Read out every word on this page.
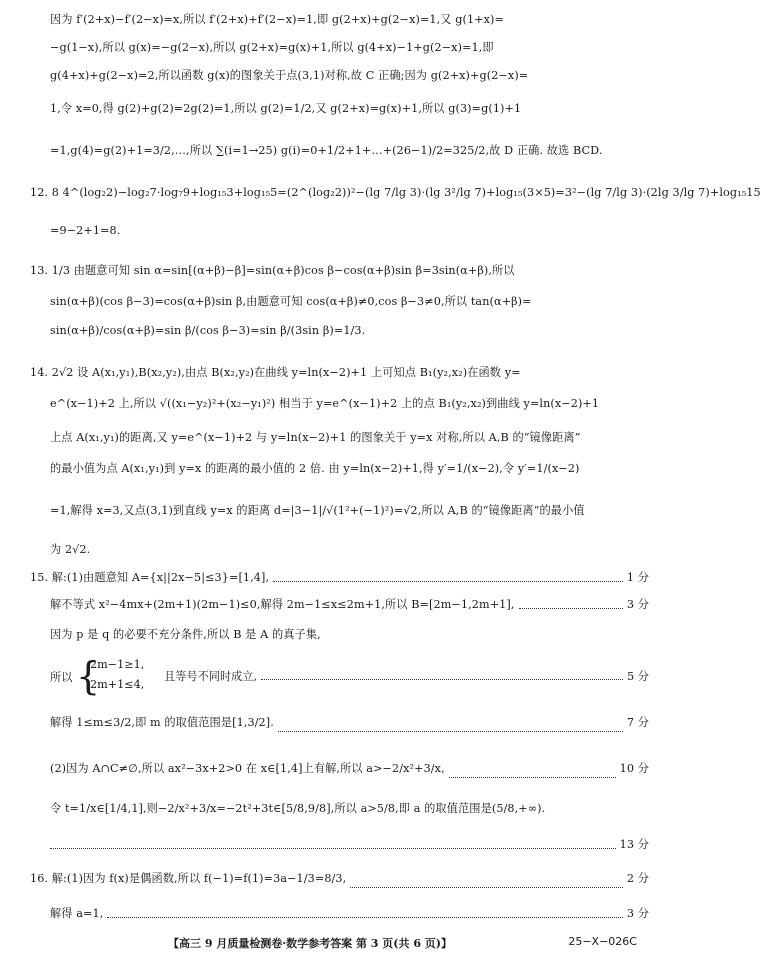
因为 f′(2+x)−f′(2−x)=x,所以 f′(2+x)+f′(2−x)=1,即 g(2+x)+g(2−x)=1,又 g(1+x)=
−g(1−x),所以 g(x)=−g(2−x),所以 g(2+x)=g(x)+1,所以 g(4+x)−1+g(2−x)=1,即
g(4+x)+g(2−x)=2,所以函数 g(x)的图象关于点(3,1)对称,故 C 正确;因为 g(2+x)+g(2−x)=
1,令 x=0,得 g(2)+g(2)=2g(2)=1,所以 g(2)=1/2,又 g(2+x)=g(x)+1,所以 g(3)=g(1)+1
=1,g(4)=g(2)+1=3/2,…,所以 ∑(i=1→25) g(i)=0+1/2+1+…+(26−1)/2=325/2,故 D 正确. 故选 BCD.
12. 8 4^(log₂2)−log₂7·log₇9+log₁₅3+log₁₅5=(2^(log₂2))²−(lg 7/lg 3)·(lg 3²/lg 7)+log₁₅(3×5)=3²−(lg 7/lg 3)·(2lg 3/lg 7)+log₁₅15
=9−2+1=8.
13. 1/3 由题意可知 sin α=sin[(α+β)−β]=sin(α+β)cos β−cos(α+β)sin β=3sin(α+β),所以
sin(α+β)(cos β−3)=cos(α+β)sin β,由题意可知 cos(α+β)≠0,cos β−3≠0,所以 tan(α+β)=
sin(α+β)/cos(α+β)=sin β/(cos β−3)=sin β/(3sin β)=1/3.
14. 2√2 设 A(x₁,y₁),B(x₂,y₂),由点 B(x₂,y₂)在曲线 y=ln(x−2)+1 上可知点 B₁(y₂,x₂)在函数 y=
e^(x−1)+2 上,所以 √((x₁−y₂)²+(x₂−y₁)²) 相当于 y=e^(x−1)+2 上的点 B₁(y₂,x₂)到曲线 y=ln(x−2)+1
上点 A(x₁,y₁)的距离,又 y=e^(x−1)+2 与 y=ln(x−2)+1 的图象关于 y=x 对称,所以 A,B 的“镜像距离”
的最小值为点 A(x₁,y₁)到 y=x 的距离的最小值的 2 倍. 由 y=ln(x−2)+1,得 y′=1/(x−2),令 y′=1/(x−2)
=1,解得 x=3,又点(3,1)到直线 y=x 的距离 d=|3−1|/√(1²+(−1)²)=√2,所以 A,B 的“镜像距离”的最小值
为 2√2.
15. 解:(1)由题意知 A={x||2x−5|≤3}=[1,4],	1 分
解不等式 x²−4mx+(2m+1)(2m−1)≤0,解得 2m−1≤x≤2m+1,所以 B=[2m−1,2m+1],	3 分
因为 p 是 q 的必要不充分条件,所以 B 是 A 的真子集,
所以 {
2m−1≥1,
2m+1≤4,
且等号不同时成立,	5 分
解得 1≤m≤3/2,即 m 的取值范围是[1,3/2].	7 分
(2)因为 A∩C≠∅,所以 ax²−3x+2>0 在 x∈[1,4]上有解,所以 a>−2/x²+3/x,	10 分
令 t=1/x∈[1/4,1],则−2/x²+3/x=−2t²+3t∈[5/8,9/8],所以 a>5/8,即 a 的取值范围是(5/8,+∞).
13 分
16. 解:(1)因为 f(x)是偶函数,所以 f(−1)=f(1)=3a−1/3=8/3,	2 分
解得 a=1,	3 分
【高三 9 月质量检测卷·数学参考答案 第 3 页(共 6 页)】	25−X−026C
